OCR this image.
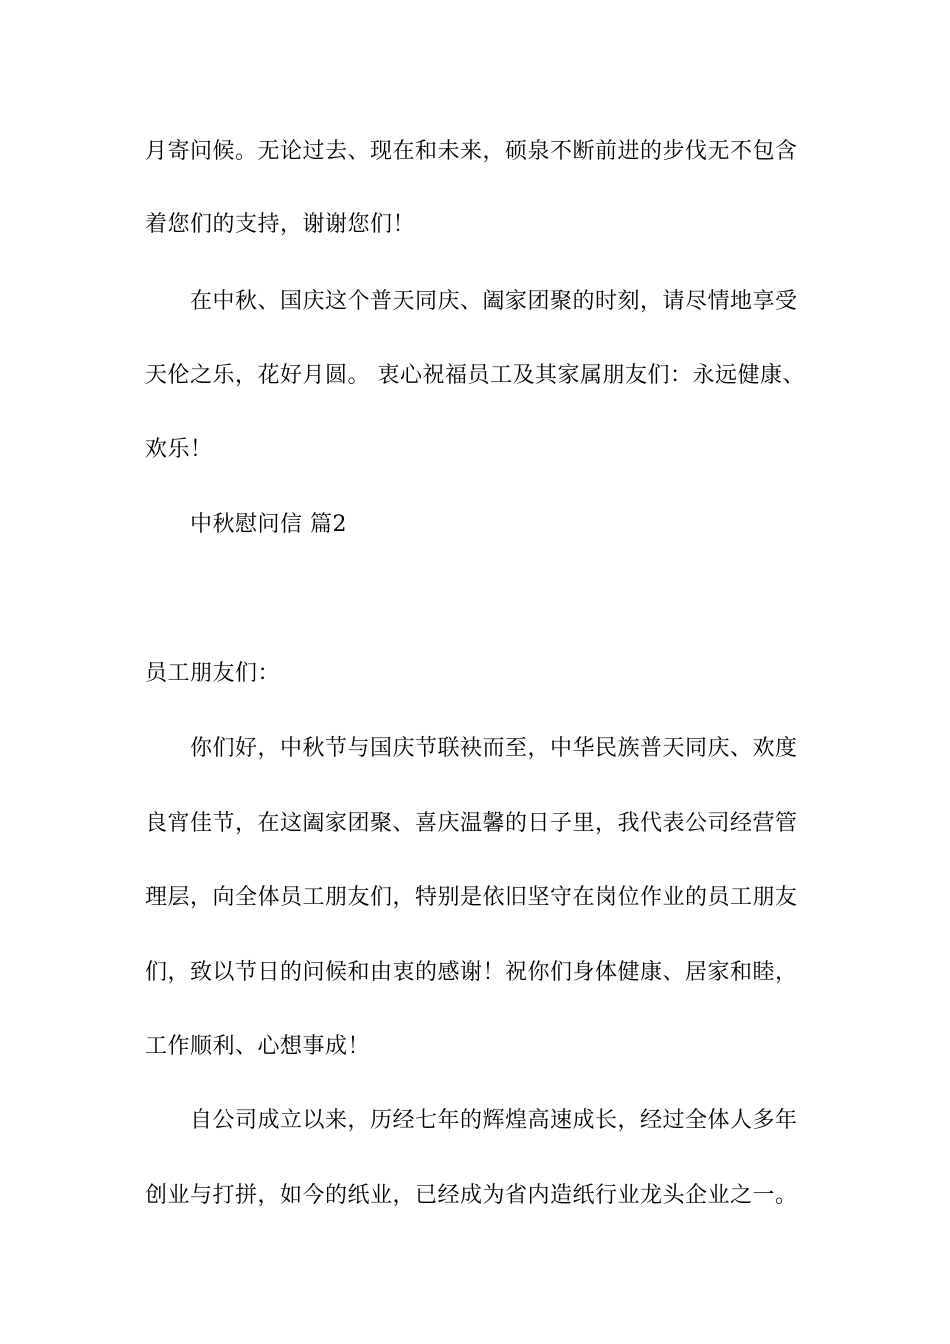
月寄问候。无论过去、现在和未来，硕泉不断前进的步伐无不包含
着您们的支持，谢谢您们！
在中秋、国庆这个普天同庆、阖家团聚的时刻，请尽情地享受
天伦之乐，花好月圆。 衷心祝福员工及其家属朋友们：永远健康、
欢乐！
中秋慰问信 篇2
员工朋友们：
你们好，中秋节与国庆节联袂而至，中华民族普天同庆、欢度
良宵佳节，在这阖家团聚、喜庆温馨的日子里，我代表公司经营管
理层，向全体员工朋友们，特别是依旧坚守在岗位作业的员工朋友
们，致以节日的问候和由衷的感谢！祝你们身体健康、居家和睦，
工作顺利、心想事成！
自公司成立以来，历经七年的辉煌高速成长，经过全体人多年
创业与打拼，如今的纸业，已经成为省内造纸行业龙头企业之一。
